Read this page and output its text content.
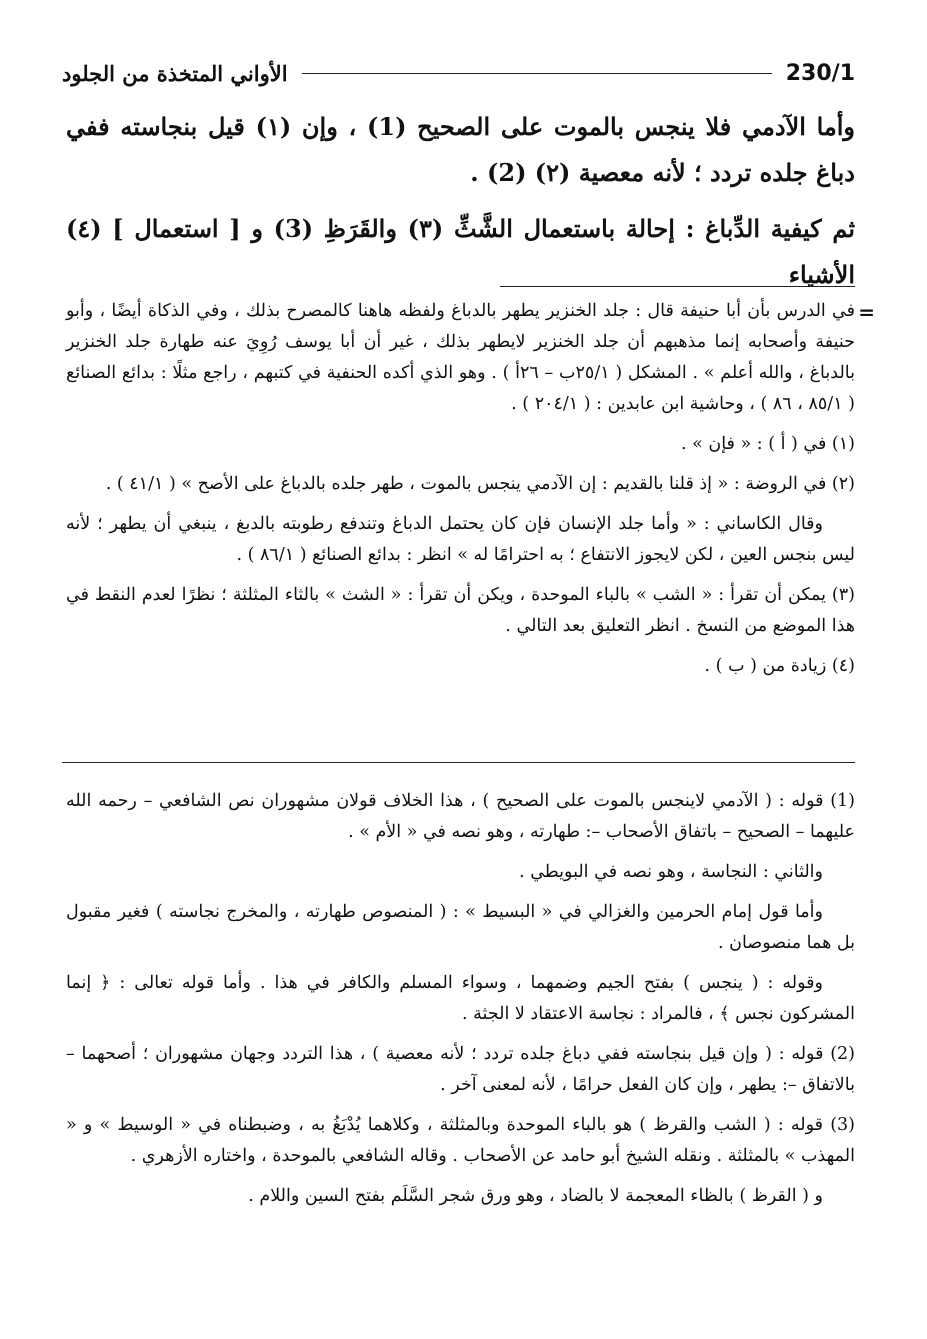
230/1
الأواني المتخذة من الجلود

وأما الآدمي فلا ينجس بالموت على الصحيح (1) ، وإن (١) قيل بنجاسته ففي دباغ جلده تردد ؛ لأنه معصية (٢) (2) .

ثم كيفية الدِّباغ : إحالة باستعمال الشَّثِّ (٣) والقَرَظِ (3) و [ استعمال ] (٤) الأشياء

=

في الدرس بأن أبا حنيفة قال : جلد الخنزير يطهر بالدباغ ولفظه هاهنا كالمصرح بذلك ، وفي الذكاة أيضًا ، وأبو حنيفة وأصحابه إنما مذهبهم أن جلد الخنزير لايطهر بذلك ، غير أن أبا يوسف رُوِيَ عنه طهارة جلد الخنزير بالدباغ ، والله أعلم » . المشكل ( ٢٥/١ب – ٢٦أ ) . وهو الذي أكده الحنفية في كتبهم ، راجع مثلًا : بدائع الصنائع ( ٨٥/١ ، ٨٦ ) ، وحاشية ابن عابدين : ( ٢٠٤/١ ) .

(١) في ( أ ) : « فإن » .

(٢) في الروضة : « إذ قلنا بالقديم : إن الآدمي ينجس بالموت ، طهر جلده بالدباغ على الأصح » ( ٤١/١ ) .

وقال الكاساني : « وأما جلد الإنسان فإن كان يحتمل الدباغ وتندفع رطوبته بالدبغ ، ينبغي أن يطهر ؛ لأنه ليس بنجس العين ، لكن لايجوز الانتفاع ؛ به احترامًا له » انظر : بدائع الصنائع ( ٨٦/١ ) .

(٣) يمكن أن تقرأ : « الشب » بالباء الموحدة ، ويكن أن تقرأ : « الشث » بالثاء المثلثة ؛ نظرًا لعدم النقط في هذا الموضع من النسخ . انظر التعليق بعد التالي .

(٤) زيادة من ( ب ) .

(1) قوله : ( الآدمي لاينجس بالموت على الصحيح ) ، هذا الخلاف قولان مشهوران نص الشافعي – رحمه الله عليهما – الصحيح – باتفاق الأصحاب –: طهارته ، وهو نصه في « الأم » .

والثاني : النجاسة ، وهو نصه في البويطي .

وأما قول إمام الحرمين والغزالي في « البسيط » : ( المنصوص طهارته ، والمخرج نجاسته ) فغير مقبول بل هما منصوصان .

وقوله : ( ينجس ) بفتح الجيم وضمهما ، وسواء المسلم والكافر في هذا . وأما قوله تعالى : ﴿ إنما المشركون نجس ﴾ ، فالمراد : نجاسة الاعتقاد لا الجثة .

(2) قوله : ( وإن قيل بنجاسته ففي دباغ جلده تردد ؛ لأنه معصية ) ، هذا التردد وجهان مشهوران ؛ أصحهما – بالاتفاق –: يطهر ، وإن كان الفعل حرامًا ، لأنه لمعنى آخر .

(3) قوله : ( الشب والقرظ ) هو بالباء الموحدة وبالمثلثة ، وكلاهما يُدْبَغُ به ، وضبطناه في « الوسيط » و « المهذب » بالمثلثة . ونقله الشيخ أبو حامد عن الأصحاب . وقاله الشافعي بالموحدة ، واختاره الأزهري .

و ( القرظ ) بالظاء المعجمة لا بالضاد ، وهو ورق شجر السَّلَم بفتح السين واللام .
